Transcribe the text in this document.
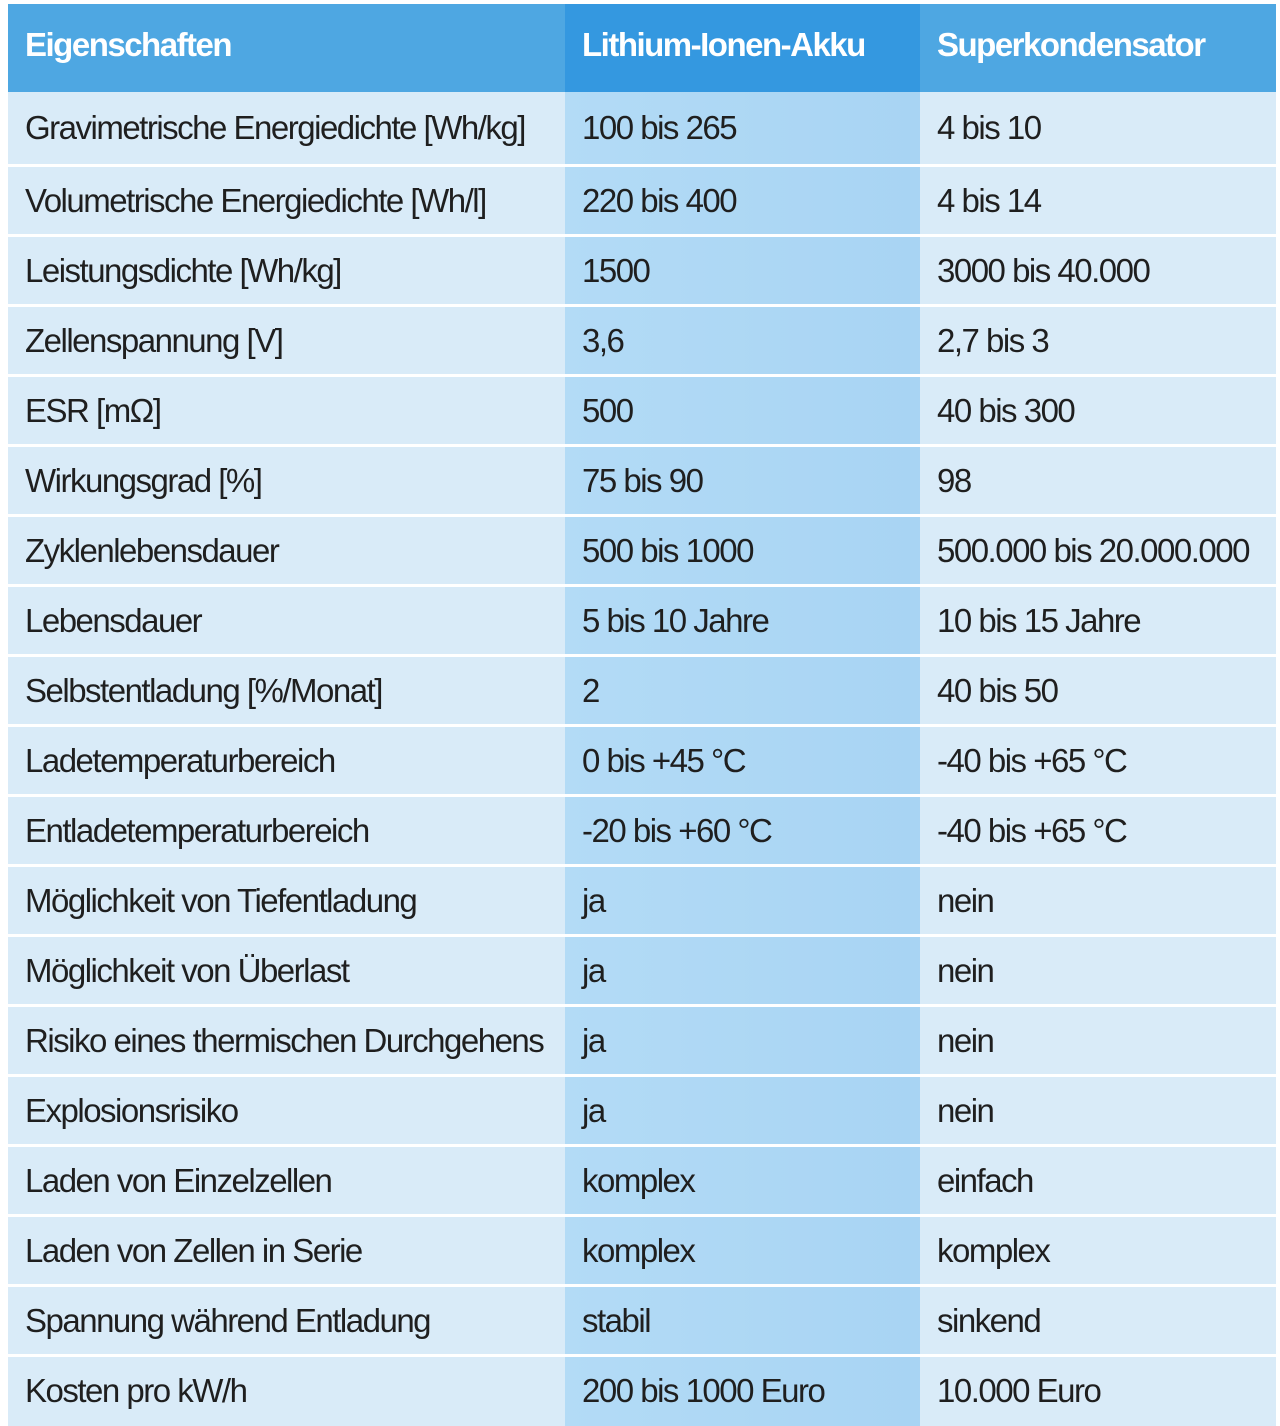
Eigenschaften	Lithium-Ionen-Akku	Superkondensator
Gravimetrische Energiedichte [Wh/kg]	100 bis 265	4 bis 10
Volumetrische Energiedichte [Wh/l]	220 bis 400	4 bis 14
Leistungsdichte [Wh/kg]	1500	3000 bis 40.000
Zellenspannung [V]	3,6	2,7 bis 3
ESR [mΩ]	500	40 bis 300
Wirkungsgrad [%]	75 bis 90	98
Zyklenlebensdauer	500 bis 1000	500.000 bis 20.000.000
Lebensdauer	5 bis 10 Jahre	10 bis 15 Jahre
Selbstentladung [%/Monat]	2	40 bis 50
Ladetemperaturbereich	0 bis +45 °C	-40 bis +65 °C
Entladetemperaturbereich	-20 bis +60 °C	-40 bis +65 °C
Möglichkeit von Tiefentladung	ja	nein
Möglichkeit von Überlast	ja	nein
Risiko eines thermischen Durchgehens	ja	nein
Explosionsrisiko	ja	nein
Laden von Einzelzellen	komplex	einfach
Laden von Zellen in Serie	komplex	komplex
Spannung während Entladung	stabil	sinkend
Kosten pro kW/h	200 bis 1000 Euro	10.000 Euro
